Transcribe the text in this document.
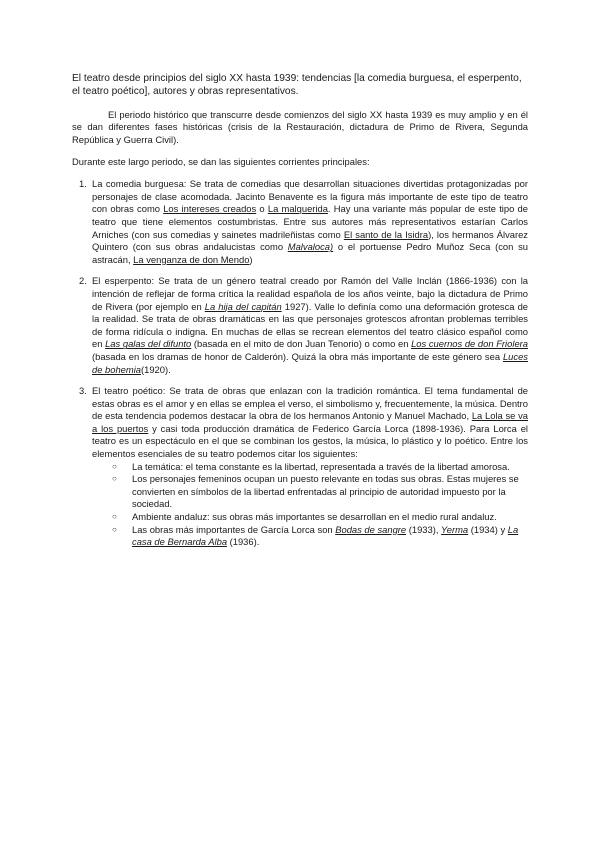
El teatro desde principios del siglo XX hasta 1939: tendencias [la comedia burguesa, el esperpento, el teatro poético], autores y obras representativos.

El periodo histórico que transcurre desde comienzos del siglo XX hasta 1939 es muy amplio y en él se dan diferentes fases históricas (crisis de la Restauración, dictadura de Primo de Rivera, Segunda República y Guerra Civil).

Durante este largo periodo, se dan las siguientes corrientes principales:

1. La comedia burguesa: Se trata de comedias que desarrollan situaciones divertidas protagonizadas por personajes de clase acomodada. Jacinto Benavente es la figura más importante de este tipo de teatro con obras como Los intereses creados o La malquerida. Hay una variante más popular de este tipo de teatro que tiene elementos costumbristas. Entre sus autores más representativos estarían Carlos Arniches (con sus comedias y sainetes madrileñistas como El santo de la Isidra), los hermanos Álvarez Quintero (con sus obras andalucistas como Malvaloca) o el portuense Pedro Muñoz Seca (con su astracán, La venganza de don Mendo)
2. El esperpento: Se trata de un género teatral creado por Ramón del Valle Inclán (1866-1936) con la intención de reflejar de forma crítica la realidad española de los años veinte, bajo la dictadura de Primo de Rivera (por ejemplo en La hija del capitán 1927). Valle lo definía como una deformación grotesca de la realidad. Se trata de obras dramáticas en las que personajes grotescos afrontan problemas terribles de forma ridícula o indigna. En muchas de ellas se recrean elementos del teatro clásico español como en Las galas del difunto (basada en el mito de don Juan Tenorio) o como en Los cuernos de don Friolera (basada en los dramas de honor de Calderón). Quizá la obra más importante de este género sea Luces de bohemia(1920).
3. El teatro poético: Se trata de obras que enlazan con la tradición romántica. El tema fundamental de estas obras es el amor y en ellas se emplea el verso, el simbolismo y, frecuentemente, la música. Dentro de esta tendencia podemos destacar la obra de los hermanos Antonio y Manuel Machado, La Lola se va a los puertos y casi toda producción dramática de Federico García Lorca (1898-1936). Para Lorca el teatro es un espectáculo en el que se combinan los gestos, la música, lo plástico y lo poético. Entre los elementos esenciales de su teatro podemos citar los siguientes:
○ La temática: el tema constante es la libertad, representada a través de la libertad amorosa.
○ Los personajes femeninos ocupan un puesto relevante en todas sus obras. Estas mujeres se convierten en símbolos de la libertad enfrentadas al principio de autoridad impuesto por la sociedad.
○ Ambiente andaluz: sus obras más importantes se desarrollan en el medio rural andaluz.
○ Las obras más importantes de García Lorca son Bodas de sangre (1933), Yerma (1934) y La casa de Bernarda Alba (1936).
